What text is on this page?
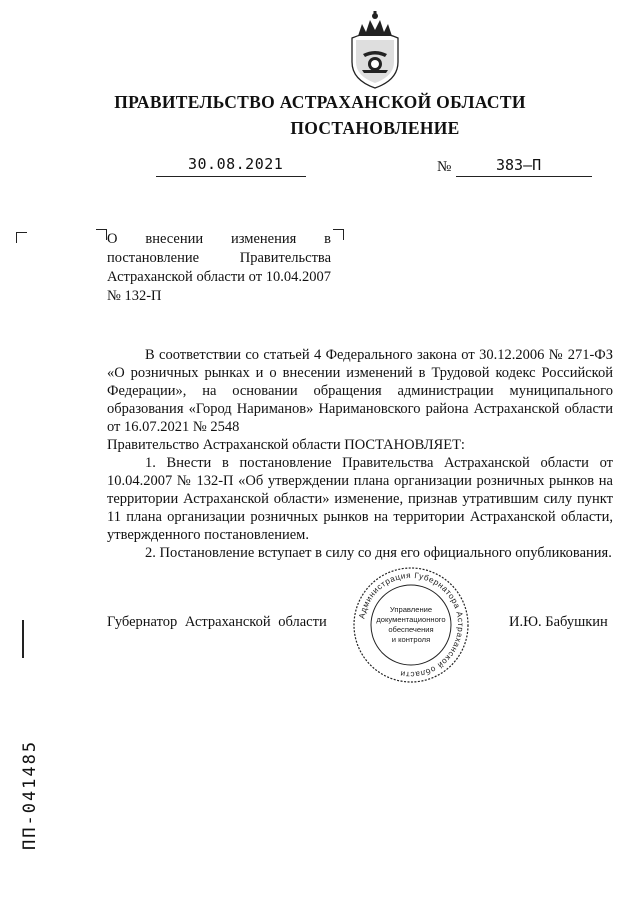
ПРАВИТЕЛЬСТВО АСТРАХАНСКОЙ ОБЛАСТИ
ПОСТАНОВЛЕНИЕ
30.08.2021	№	383–П
О внесении изменения в постановление Правительства Астраханской области от 10.04.2007 № 132-П

В соответствии со статьей 4 Федерального закона от 30.12.2006 № 271-ФЗ «О розничных рынках и о внесении изменений в Трудовой кодекс Российской Федерации», на основании обращения администрации муниципального образования «Город Нариманов» Наримановского района Астраханской области от 16.07.2021 № 2548

Правительство Астраханской области ПОСТАНОВЛЯЕТ:

1. Внести в постановление Правительства Астраханской области от 10.04.2007 № 132-П «Об утверждении плана организации розничных рынков на территории Астраханской области» изменение, признав утратившим силу пункт 11 плана организации розничных рынков на территории Астраханской области, утвержденного постановлением.

2. Постановление вступает в силу со дня его официального опубликования.

Губернатор Астраханской области	И.Ю. Бабушкин
Администрация Губернатора Астраханской области
Управление
документационного
обеспечения
и контроля
ПП-041485
